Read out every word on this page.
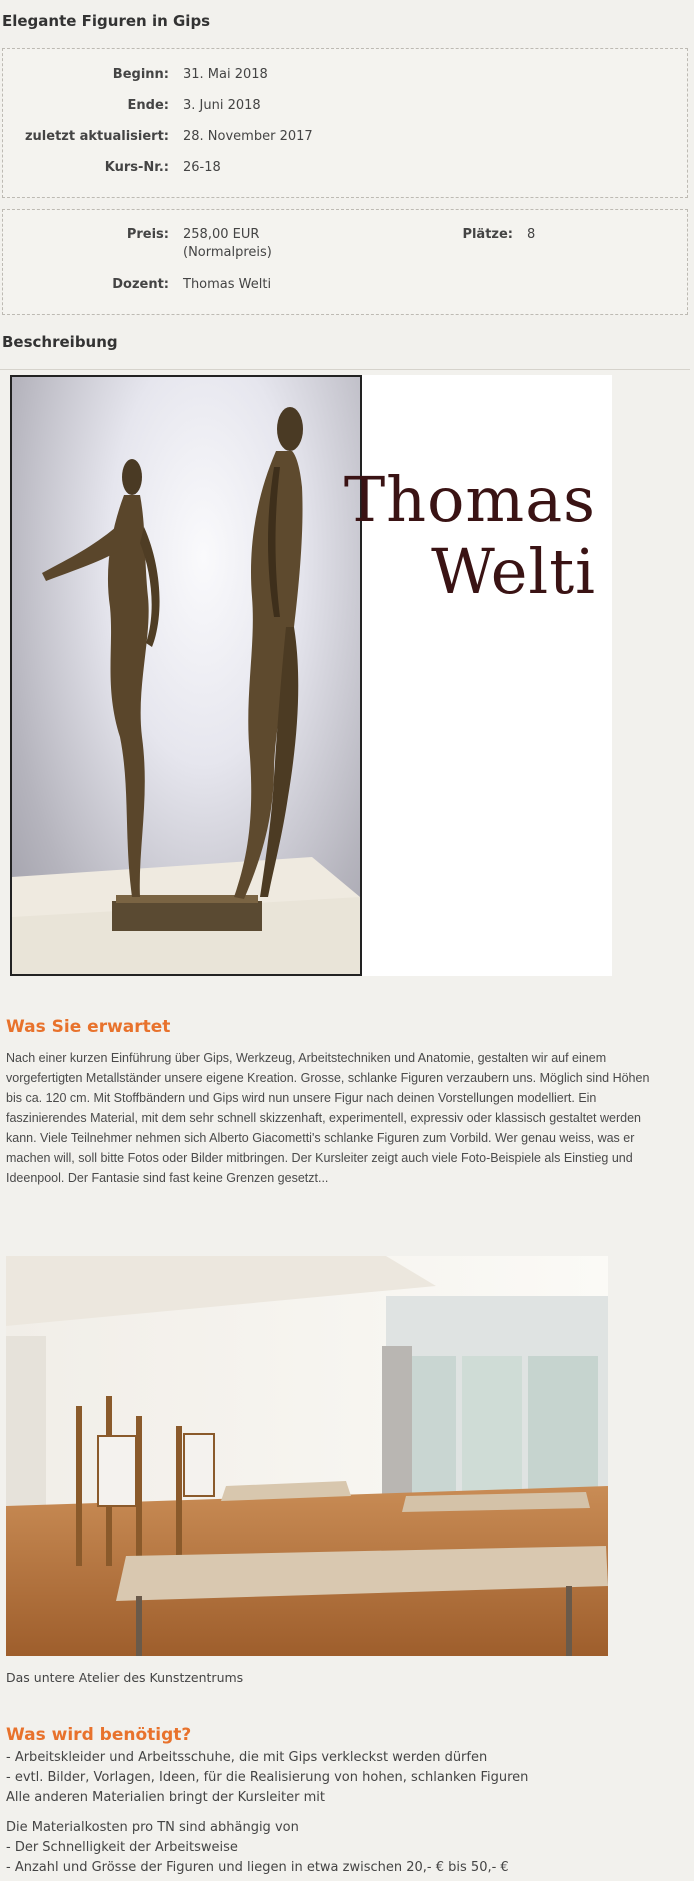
Elegante Figuren in Gips
Beginn: 31. Mai 2018
Ende: 3. Juni 2018
zuletzt aktualisiert: 28. November 2017
Kurs-Nr.: 26-18
Preis: 258,00 EUR
(Normalpreis)
Plätze: 8
Dozent: Thomas Welti
Beschreibung
Thomas
Welti
Was Sie erwartet
Nach einer kurzen Einführung über Gips, Werkzeug, Arbeitstechniken und Anatomie, gestalten wir auf einem
vorgefertigten Metallständer unsere eigene Kreation. Grosse, schlanke Figuren verzaubern uns. Möglich sind Höhen
bis ca. 120 cm. Mit Stoffbändern und Gips wird nun unsere Figur nach deinen Vorstellungen modelliert. Ein
faszinierendes Material, mit dem sehr schnell skizzenhaft, experimentell, expressiv oder klassisch gestaltet werden
kann. Viele Teilnehmer nehmen sich Alberto Giacometti's schlanke Figuren zum Vorbild. Wer genau weiss, was er
machen will, soll bitte Fotos oder Bilder mitbringen. Der Kursleiter zeigt auch viele Foto-Beispiele als Einstieg und
Ideenpool. Der Fantasie sind fast keine Grenzen gesetzt...
Das untere Atelier des Kunstzentrums
Was wird benötigt?
- Arbeitskleider und Arbeitsschuhe, die mit Gips verkleckst werden dürfen
- evtl. Bilder, Vorlagen, Ideen, für die Realisierung von hohen, schlanken Figuren
Alle anderen Materialien bringt der Kursleiter mit
Die Materialkosten pro TN sind abhängig von
- Der Schnelligkeit der Arbeitsweise
- Anzahl und Grösse der Figuren und liegen in etwa zwischen 20,- € bis 50,- €
